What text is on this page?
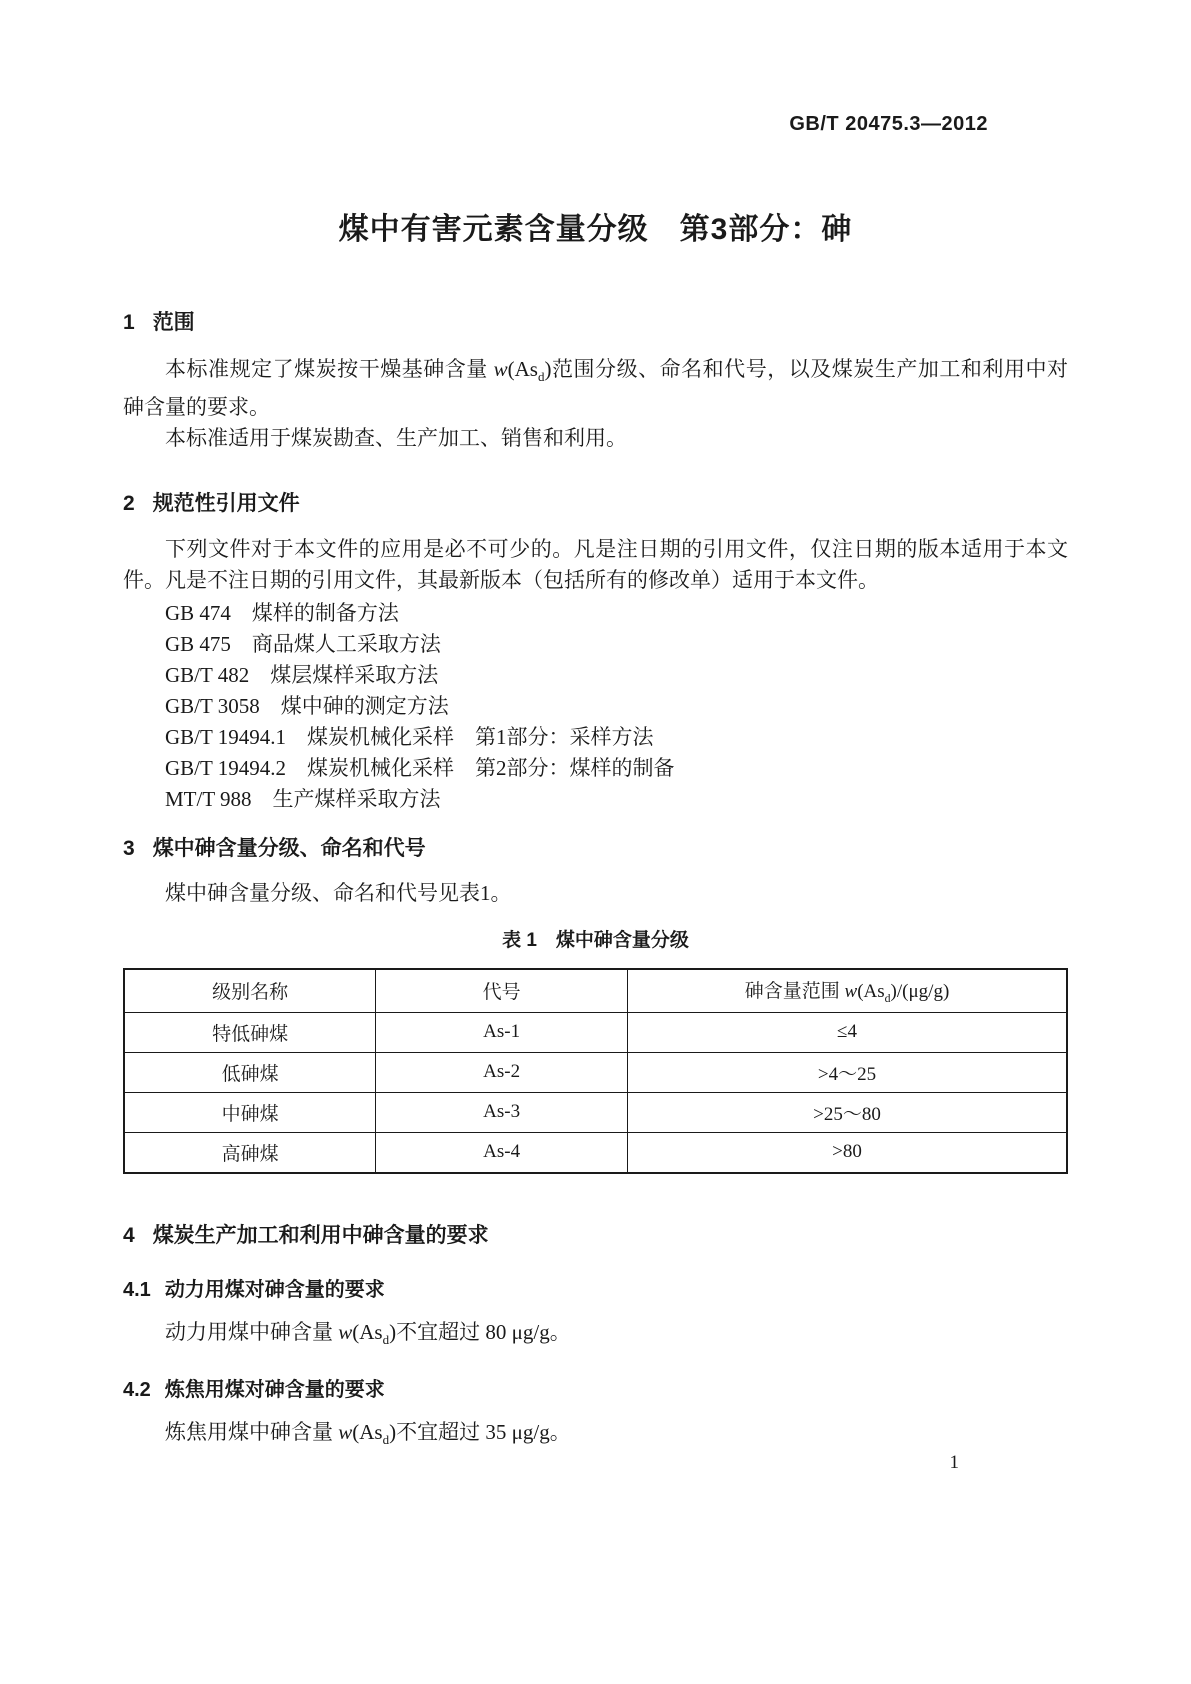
GB/T 20475.3—2012
煤中有害元素含量分级　第3部分：砷
1 范围

本标准规定了煤炭按干燥基砷含量 $w(As_d)$范围分级、命名和代号，以及煤炭生产加工和利用中对砷含量的要求。

本标准适用于煤炭勘查、生产加工、销售和利用。

2 规范性引用文件

下列文件对于本文件的应用是必不可少的。凡是注日期的引用文件，仅注日期的版本适用于本文件。凡是不注日期的引用文件，其最新版本（包括所有的修改单）适用于本文件。

GB 474　煤样的制备方法
GB 475　商品煤人工采取方法
GB/T 482　煤层煤样采取方法
GB/T 3058　煤中砷的测定方法
GB/T 19494.1　煤炭机械化采样　第1部分：采样方法
GB/T 19494.2　煤炭机械化采样　第2部分：煤样的制备
MT/T 988　生产煤样采取方法
3 煤中砷含量分级、命名和代号

煤中砷含量分级、命名和代号见表1。

表 1　煤中砷含量分级
级别名称	代号	砷含量范围 $w(As_d)/(\mu g/g)$
特低砷煤	As-1	≤4
低砷煤	As-2	>4～25
中砷煤	As-3	>25～80
高砷煤	As-4	>80
4 煤炭生产加工和利用中砷含量的要求
4.1 动力用煤对砷含量的要求

动力用煤中砷含量 $w(As_d)$不宜超过 80 μg/g。

4.2 炼焦用煤对砷含量的要求

炼焦用煤中砷含量 $w(As_d)$不宜超过 35 μg/g。

1
